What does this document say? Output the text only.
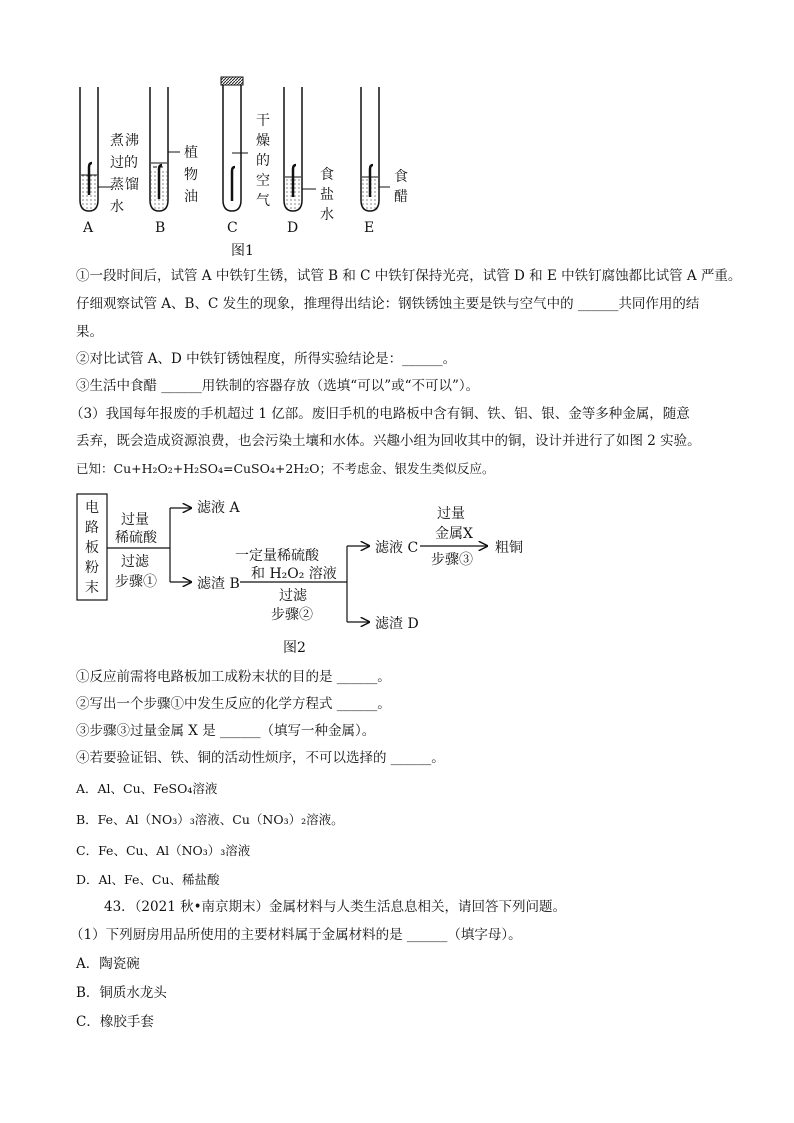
煮 沸
过的
蒸 馏
水
植
物
油
干
燥
的
空
气
食
盐
水
食
醋
A	B	C	D	E
图1
①一段时间后，试管 A 中铁钉生锈，试管 B 和 C 中铁钉保持光亮，试管 D 和 E 中铁钉腐蚀都比试管 A 严重。
仔细观察试管 A、B、C 发生的现象，推理得出结论：钢铁锈蚀主要是铁与空气中的 ______共同作用的结
果。
②对比试管 A、D 中铁钉锈蚀程度，所得实验结论是：______。
③生活中食醋 ______用铁制的容器存放（选填“可以”或“不可以”）。
（3）我国每年报废的手机超过 1 亿部。废旧手机的电路板中含有铜、铁、铝、银、金等多种金属，随意
丢弃，既会造成资源浪费，也会污染土壤和水体。兴趣小组为回收其中的铜，设计并进行了如图 2 实验。
已知：Cu+H₂O₂+H₂SO₄=CuSO₄+2H₂O；不考虑金、银发生类似反应。
电
路
板
粉
末
过量
稀硫酸
过滤
步骤①
滤液 A
滤渣 B
一定量稀硫酸
和 H₂O₂ 溶液
过滤
步骤②
滤液 C
滤渣 D
过量
金属X
步骤③
粗铜
图2
①反应前需将电路板加工成粉末状的目的是 ______。
②写出一个步骤①中发生反应的化学方程式 ______。
③步骤③过量金属 X 是 ______（填写一种金属）。
④若要验证铝、铁、铜的活动性烦序，不可以选择的 ______。
A．Al、Cu、FeSO₄溶液
B．Fe、Al（NO₃）₃溶液、Cu（NO₃）₂溶液。
C．Fe、Cu、Al（NO₃）₃溶液
D．Al、Fe、Cu、稀盐酸
43．（2021 秋•南京期末）金属材料与人类生活息息相关，请回答下列问题。
（1）下列厨房用品所使用的主要材料属于金属材料的是 ______（填字母）。
A．陶瓷碗
B．铜质水龙头
C．橡胶手套
